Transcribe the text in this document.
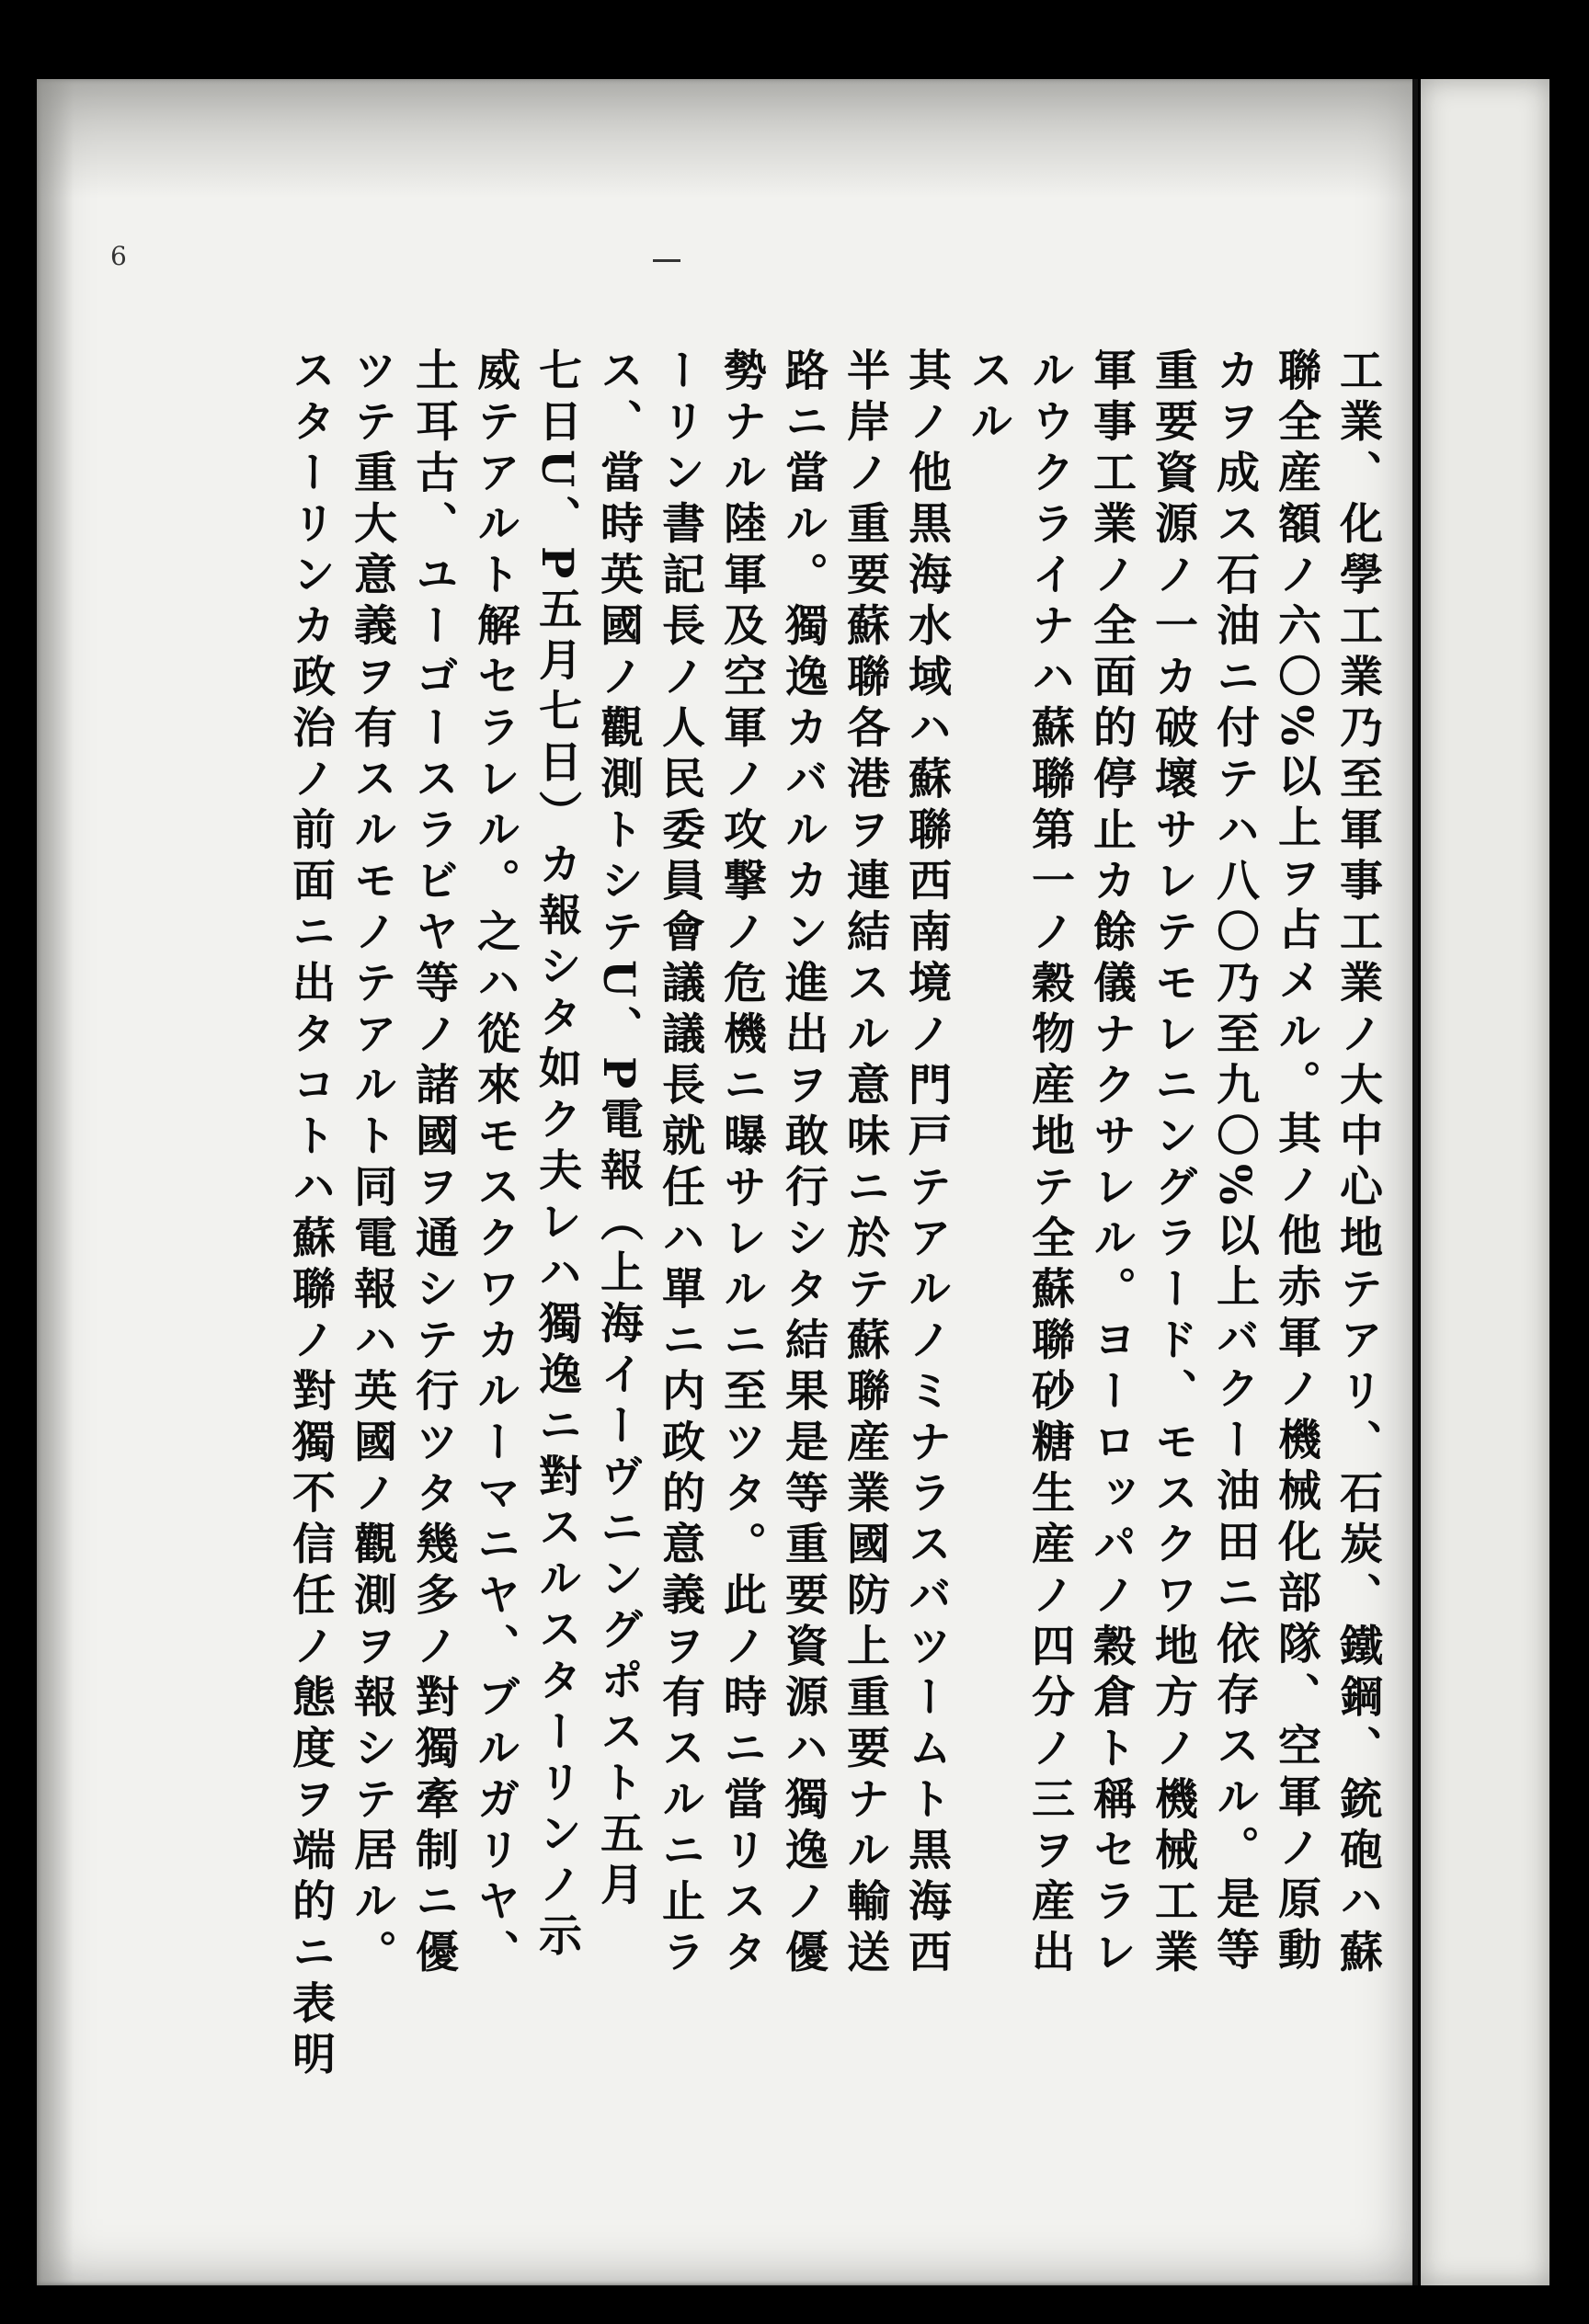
6

工業、化學工業乃至軍事工業ノ大中心地テアリ、石炭、鐵鋼、銃砲ハ蘇

聯全産額ノ六〇%以上ヲ占メル。其ノ他赤軍ノ機械化部隊、空軍ノ原動

カヲ成ス石油ニ付テハ八〇乃至九〇%以上バクー油田ニ依存スル。是等

重要資源ノ一カ破壞サレテモレニングラード、モスクワ地方ノ機械工業

軍事工業ノ全面的停止カ餘儀ナクサレル。ヨーロッパノ穀倉ト稱セラレ

ルウクライナハ蘇聯第一ノ穀物産地テ全蘇聯砂糖生産ノ四分ノ三ヲ産出

スル

其ノ他黒海水域ハ蘇聯西南境ノ門戸テアルノミナラスバツームト黒海西

半岸ノ重要蘇聯各港ヲ連結スル意味ニ於テ蘇聯産業國防上重要ナル輸送

路ニ當ル。獨逸カバルカン進出ヲ敢行シタ結果是等重要資源ハ獨逸ノ優

勢ナル陸軍及空軍ノ攻撃ノ危機ニ曝サレルニ至ツタ。此ノ時ニ當リスタ

ーリン書記長ノ人民委員會議議長就任ハ單ニ内政的意義ヲ有スルニ止ラ

ス、當時英國ノ觀測トシテU、P電報（上海イーヴニングポスト五月

七日U、P五月七日）カ報シタ如ク夫レハ獨逸ニ對スルスターリンノ示

威テアルト解セラレル。之ハ從來モスクワカルーマニヤ、ブルガリヤ、

土耳古、ユーゴースラビヤ等ノ諸國ヲ通シテ行ツタ幾多ノ對獨牽制ニ優

ツテ重大意義ヲ有スルモノテアルト同電報ハ英國ノ觀測ヲ報シテ居ル。

スターリンカ政治ノ前面ニ出タコトハ蘇聯ノ對獨不信任ノ態度ヲ端的ニ表明
